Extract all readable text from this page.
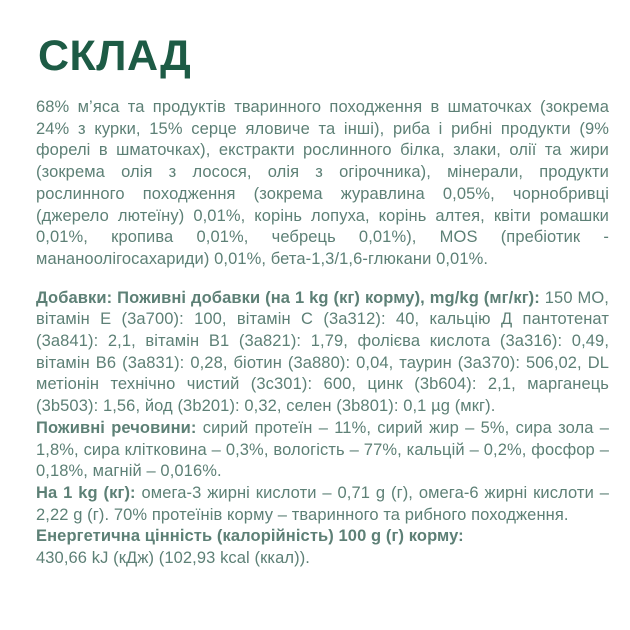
СКЛАД

68% м’яса та продуктів тваринного походження в шматочках (зокрема 24% з курки, 15% серце яловиче та інші), риба і рибні продукти (9% форелі в шматочках), екстракти рослинного білка, злаки, олії та жири (зокрема олія з лосося, олія з огірочника), мінерали, продукти рослинного походження (зокрема журавлина 0,05%, чорнобривці (джерело лютеїну) 0,01%, корінь лопуха, корінь алтея, квіти ромашки 0,01%, кропива 0,01%, чебрець 0,01%), MOS (пребіотик - мананоолігосахариди) 0,01%, бета-1,3/1,6-глюкани 0,01%.

Добавки: Поживні добавки (на 1 kg (кг) корму), mg/kg (мг/кг): 150 МО, вітамін Е (3a700): 100, вітамін С (3a312): 40, кальцію Д пантотенат (3a841): 2,1, вітамін B1 (3a821): 1,79, фолієва кислота (3a316): 0,49, вітамін B6 (3a831): 0,28, біотин (3a880): 0,04, таурин (3a370): 506,02, DL метіонін технічно чистий (3c301): 600, цинк (3b604): 2,1, марганець (3b503): 1,56, йод (3b201): 0,32, селен (3b801): 0,1 µg (мкг).

Поживні речовини: сирий протеїн – 11%, сирий жир – 5%, сира зола – 1,8%, сира клітковина – 0,3%, вологість – 77%, кальцій – 0,2%, фосфор – 0,18%, магній – 0,016%.

На 1 kg (кг): омега-3 жирні кислоти – 0,71 g (г), омега-6 жирні кислоти – 2,22 g (г). 70% протеїнів корму – тваринного та рибного походження.

Енергетична цінність (калорійність) 100 g (г) корму:
430,66 kJ (кДж) (102,93 kcal (ккал)).
